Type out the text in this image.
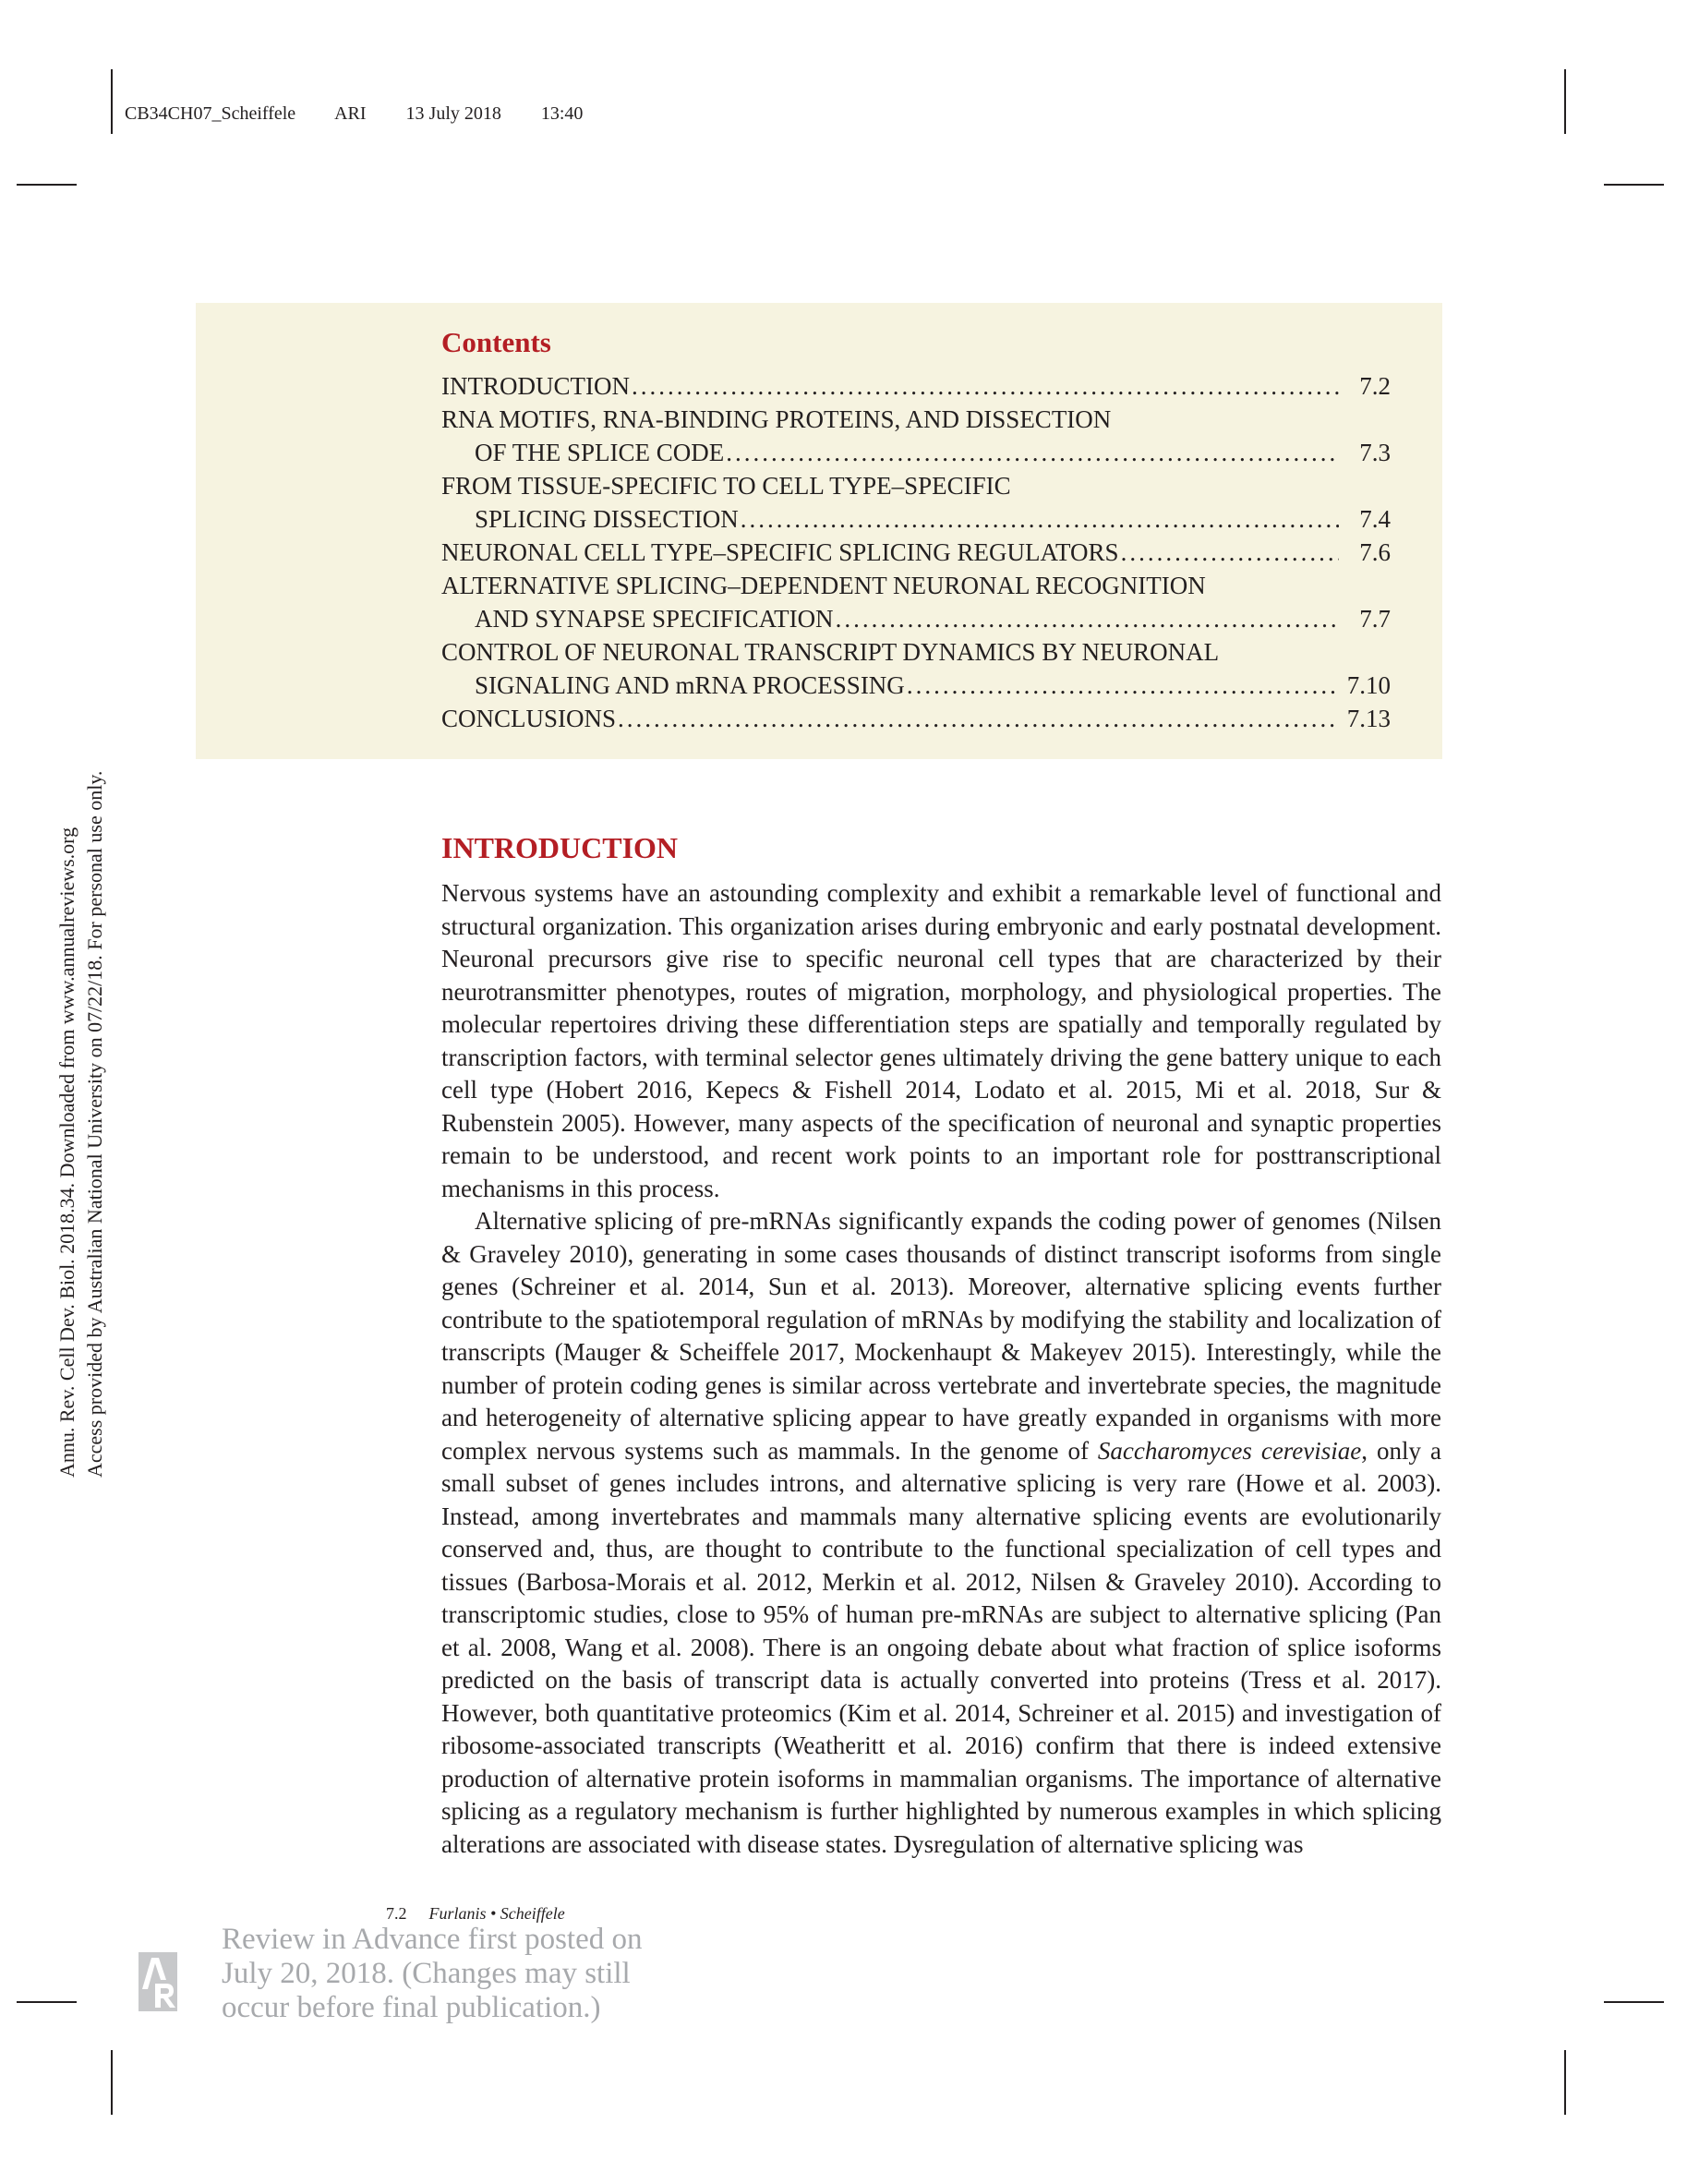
CB34CH07_Scheiffele ARI 13 July 2018 13:40
Annu. Rev. Cell Dev. Biol. 2018.34. Downloaded from www.annualreviews.org Access provided by Australian National University on 07/22/18. For personal use only.
Contents
INTRODUCTION .....	7.2
RNA MOTIFS, RNA-BINDING PROTEINS, AND DISSECTION
OF THE SPLICE CODE .....	7.3
FROM TISSUE-SPECIFIC TO CELL TYPE–SPECIFIC
SPLICING DISSECTION .....	7.4
NEURONAL CELL TYPE–SPECIFIC SPLICING REGULATORS .....	7.6
ALTERNATIVE SPLICING–DEPENDENT NEURONAL RECOGNITION
AND SYNAPSE SPECIFICATION .....	7.7
CONTROL OF NEURONAL TRANSCRIPT DYNAMICS BY NEURONAL
SIGNALING AND mRNA PROCESSING .....	7.10
CONCLUSIONS .....	7.13
INTRODUCTION

Nervous systems have an astounding complexity and exhibit a remarkable level of functional and structural organization. This organization arises during embryonic and early postnatal development. Neuronal precursors give rise to specific neuronal cell types that are characterized by their neurotransmitter phenotypes, routes of migration, morphology, and physiological properties. The molecular repertoires driving these differentiation steps are spatially and temporally regulated by transcription factors, with terminal selector genes ultimately driving the gene battery unique to each cell type (Hobert 2016, Kepecs & Fishell 2014, Lodato et al. 2015, Mi et al. 2018, Sur & Rubenstein 2005). However, many aspects of the specification of neuronal and synaptic properties remain to be understood, and recent work points to an important role for posttranscriptional mechanisms in this process.

Alternative splicing of pre-mRNAs significantly expands the coding power of genomes (Nilsen & Graveley 2010), generating in some cases thousands of distinct transcript isoforms from single genes (Schreiner et al. 2014, Sun et al. 2013). Moreover, alternative splicing events further contribute to the spatiotemporal regulation of mRNAs by modifying the stability and localization of transcripts (Mauger & Scheiffele 2017, Mockenhaupt & Makeyev 2015). Interestingly, while the number of protein coding genes is similar across vertebrate and invertebrate species, the magnitude and heterogeneity of alternative splicing appear to have greatly expanded in organisms with more complex nervous systems such as mammals. In the genome of Saccharomyces cerevisiae, only a small subset of genes includes introns, and alternative splicing is very rare (Howe et al. 2003). Instead, among invertebrates and mammals many alternative splicing events are evolutionarily conserved and, thus, are thought to contribute to the functional specialization of cell types and tissues (Barbosa-Morais et al. 2012, Merkin et al. 2012, Nilsen & Graveley 2010). According to transcriptomic studies, close to 95% of human pre-mRNAs are subject to alternative splicing (Pan et al. 2008, Wang et al. 2008). There is an ongoing debate about what fraction of splice isoforms predicted on the basis of transcript data is actually converted into proteins (Tress et al. 2017). However, both quantitative proteomics (Kim et al. 2014, Schreiner et al. 2015) and investigation of ribosome-associated transcripts (Weatheritt et al. 2016) confirm that there is indeed extensive production of alternative protein isoforms in mammalian organisms. The importance of alternative splicing as a regulatory mechanism is further highlighted by numerous examples in which splicing alterations are associated with disease states. Dysregulation of alternative splicing was

7.2 Furlanis • Scheiffele
Review in Advance first posted on
July 20, 2018. (Changes may still
occur before final publication.)
